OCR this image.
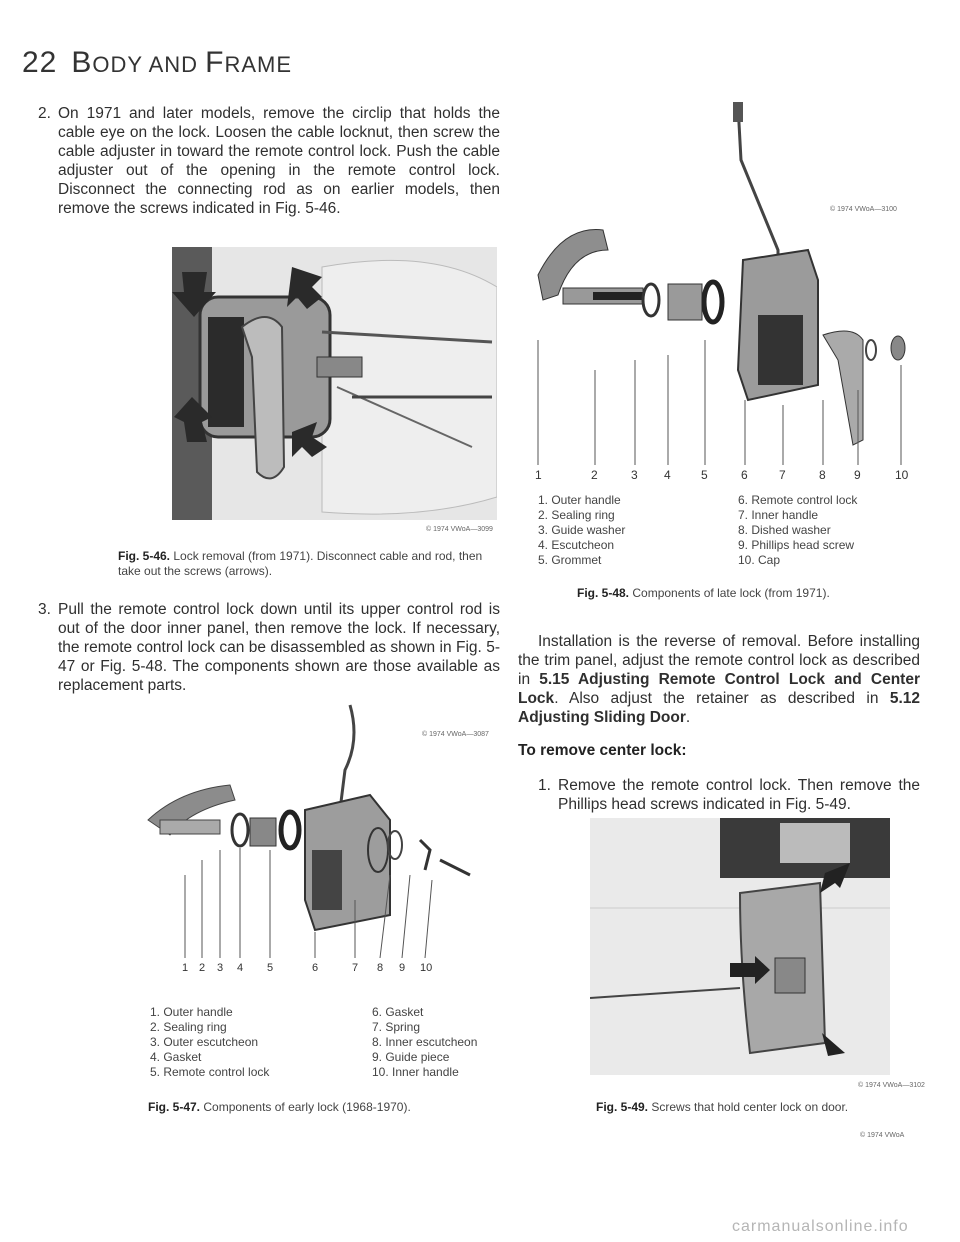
22 BODY AND FRAME
2. On 1971 and later models, remove the circlip that holds the cable eye on the lock. Loosen the cable locknut, then screw the cable adjuster in toward the remote control lock. Push the cable adjuster out of the opening in the remote control lock. Disconnect the connecting rod as on earlier models, then remove the screws indicated in Fig. 5-46.
© 1974 VWoA—3099
Fig. 5-46. Lock removal (from 1971). Disconnect cable and rod, then take out the screws (arrows).
3. Pull the remote control lock down until its upper control rod is out of the door inner panel, then remove the lock. If necessary, the remote control lock can be disassembled as shown in Fig. 5-47 or Fig. 5-48. The components shown are those available as replacement parts.
1 2 3 4 5	6	7 8 9 10
© 1974 VWoA—3087
1. Outer handle
2. Sealing ring
3. Outer escutcheon
4. Gasket
5. Remote control lock
6. Gasket
7. Spring
8. Inner escutcheon
9. Guide piece
10. Inner handle
Fig. 5-47. Components of early lock (1968-1970).
1	2	3 4	5	6	7	8 9	10
© 1974 VWoA—3100
1. Outer handle
2. Sealing ring
3. Guide washer
4. Escutcheon
5. Grommet
6. Remote control lock
7. Inner handle
8. Dished washer
9. Phillips head screw
10. Cap
Fig. 5-48. Components of late lock (from 1971).
Installation is the reverse of removal. Before installing the trim panel, adjust the remote control lock as described in 5.15 Adjusting Remote Control Lock and Center Lock. Also adjust the retainer as described in 5.12 Adjusting Sliding Door.
To remove center lock:
1. Remove the remote control lock. Then remove the Phillips head screws indicated in Fig. 5-49.
© 1974 VWoA—3102
Fig. 5-49. Screws that hold center lock on door.
© 1974 VWoA
carmanualsonline.info
